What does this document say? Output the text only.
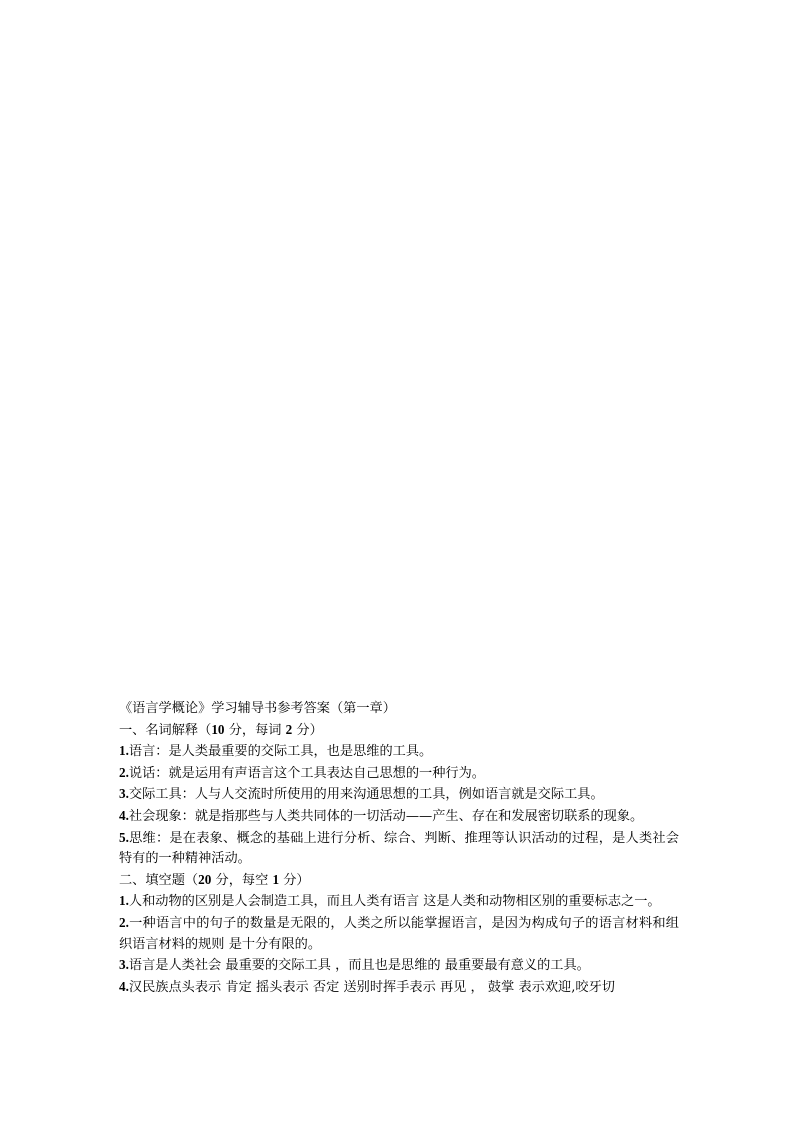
《语言学概论》学习辅导书参考答案（第一章）
一、名词解释（10 分，每词 2 分）
1.语言：是人类最重要的交际工具，也是思维的工具。
2.说话：就是运用有声语言这个工具表达自己思想的一种行为。
3.交际工具：人与人交流时所使用的用来沟通思想的工具，例如语言就是交际工具。
4.社会现象：就是指那些与人类共同体的一切活动——产生、存在和发展密切联系的现象。
5.思维：是在表象、概念的基础上进行分析、综合、判断、推理等认识活动的过程，是人类社会特有的一种精神活动。
二、填空题（20 分，每空 1 分）
1.人和动物的区别是人会制造工具，而且人类有语言 这是人类和动物相区别的重要标志之一。
2.一种语言中的句子的数量是无限的，人类之所以能掌握语言，是因为构成句子的语言材料和组织语言材料的规则 是十分有限的。
3.语言是人类社会 最重要的交际工具 ，而且也是思维的 最重要最有意义的工具。
4.汉民族点头表示 肯定 摇头表示 否定 送别时挥手表示 再见 ， 鼓掌 表示欢迎,咬牙切
